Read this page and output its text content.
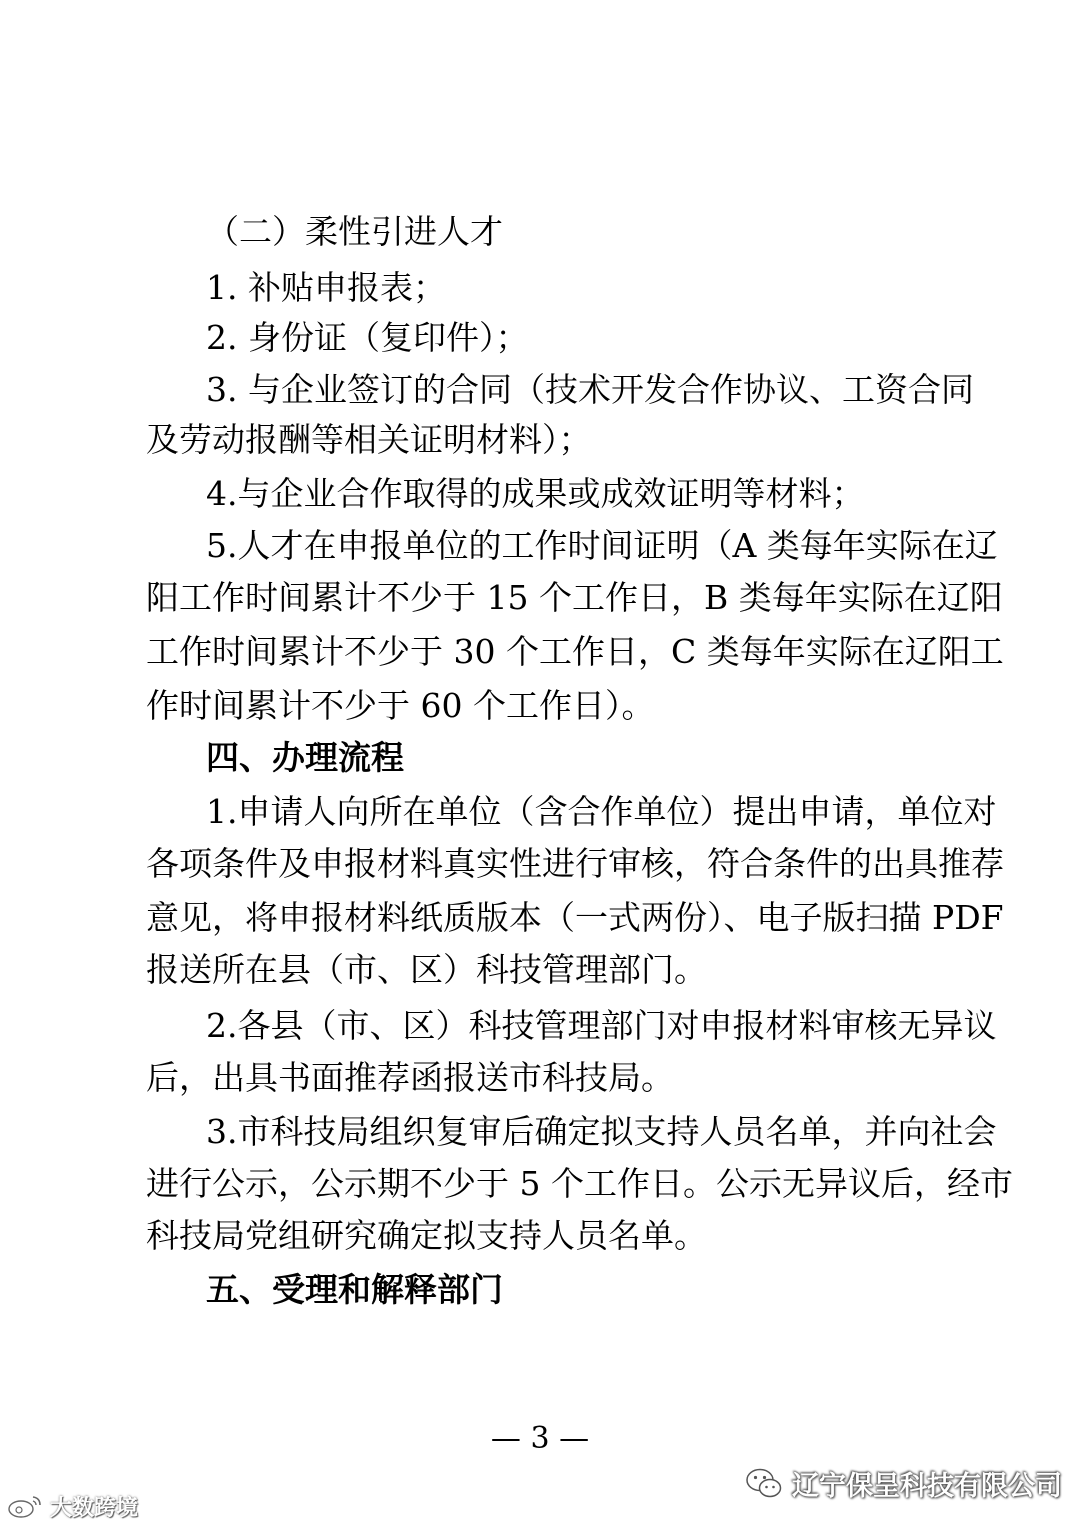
（二）柔性引进人才
1. 补贴申报表；
2. 身份证（复印件）；
3. 与企业签订的合同（技术开发合作协议、工资合同
及劳动报酬等相关证明材料）；
4.与企业合作取得的成果或成效证明等材料；
5.人才在申报单位的工作时间证明（A 类每年实际在辽
阳工作时间累计不少于 15 个工作日，B 类每年实际在辽阳
工作时间累计不少于 30 个工作日，C 类每年实际在辽阳工
作时间累计不少于 60 个工作日）。
四、办理流程
1.申请人向所在单位（含合作单位）提出申请，单位对
各项条件及申报材料真实性进行审核，符合条件的出具推荐
意见，将申报材料纸质版本（一式两份）、电子版扫描 PDF
报送所在县（市、区）科技管理部门。
2.各县（市、区）科技管理部门对申报材料审核无异议
后，出具书面推荐函报送市科技局。
3.市科技局组织复审后确定拟支持人员名单，并向社会
进行公示，公示期不少于 5 个工作日。公示无异议后，经市
科技局党组研究确定拟支持人员名单。
五、受理和解释部门
— 3 —
辽宁保呈科技有限公司
大数跨境
